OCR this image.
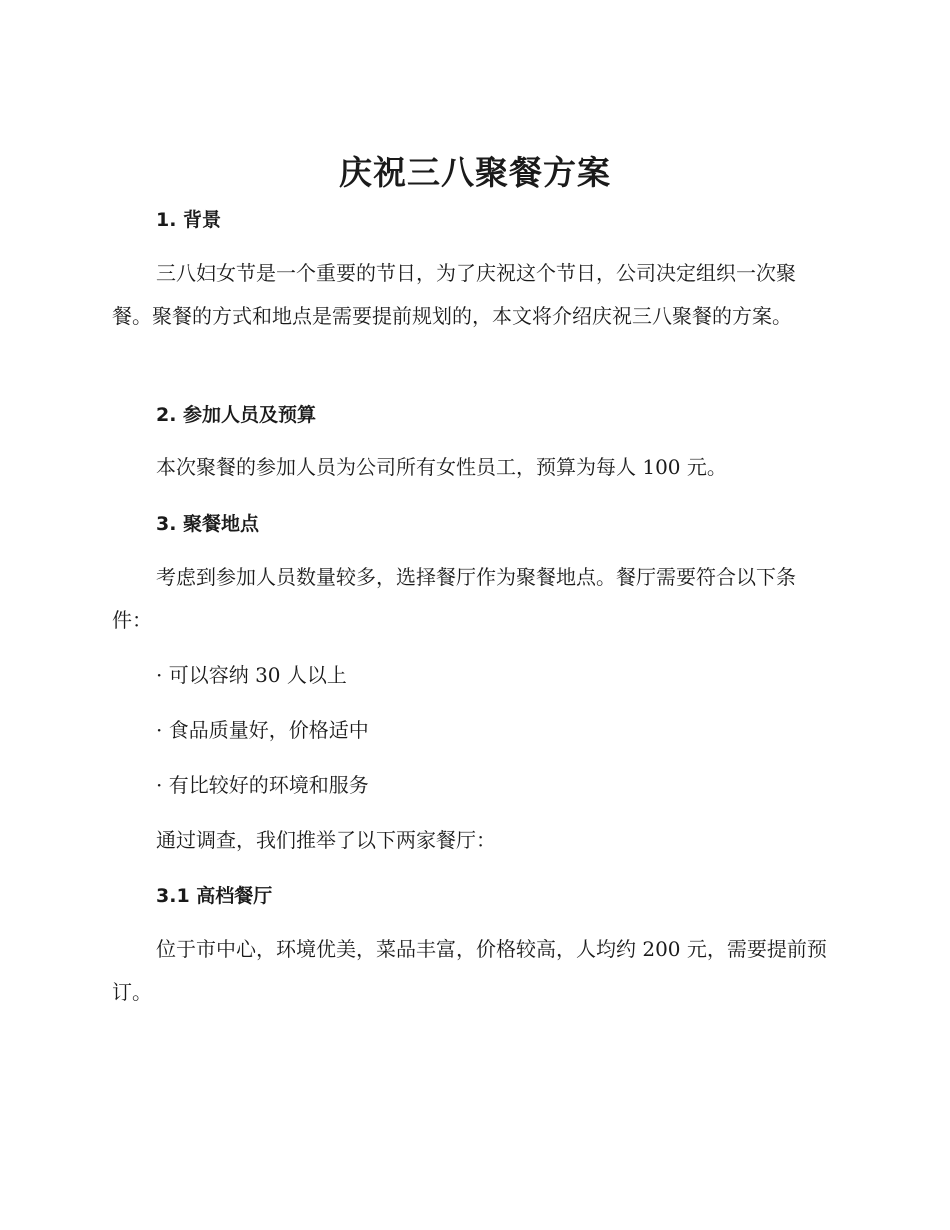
庆祝三八聚餐方案
1. 背景

三八妇女节是一个重要的节日，为了庆祝这个节日，公司决定组织一次聚餐。聚餐的方式和地点是需要提前规划的，本文将介绍庆祝三八聚餐的方案。

2. 参加人员及预算

本次聚餐的参加人员为公司所有女性员工，预算为每人 100 元。

3. 聚餐地点

考虑到参加人员数量较多，选择餐厅作为聚餐地点。餐厅需要符合以下条件：

· 可以容纳 30 人以上

· 食品质量好，价格适中

· 有比较好的环境和服务

通过调查，我们推举了以下两家餐厅：

3.1 高档餐厅

位于市中心，环境优美，菜品丰富，价格较高，人均约 200 元，需要提前预订。
